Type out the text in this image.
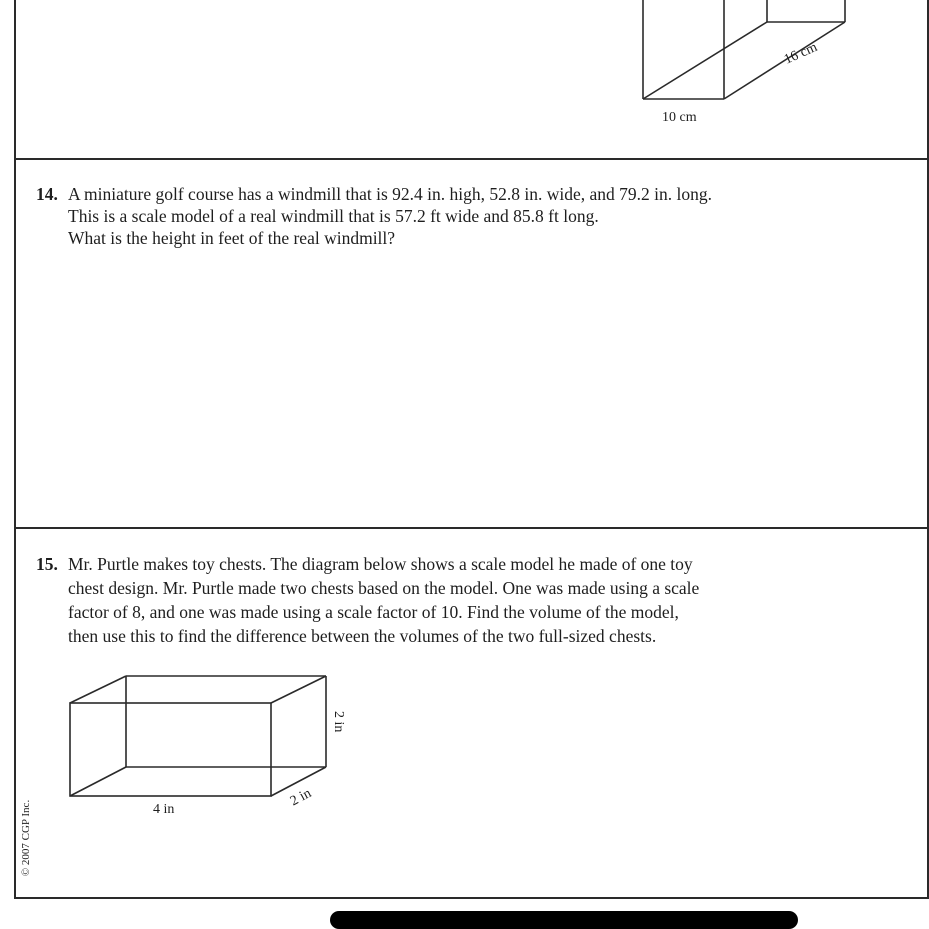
10 cm
16 cm
14. A miniature golf course has a windmill that is 92.4 in. high, 52.8 in. wide, and 79.2 in. long.
This is a scale model of a real windmill that is 57.2 ft wide and 85.8 ft long.
What is the height in feet of the real windmill?
15. Mr. Purtle makes toy chests. The diagram below shows a scale model he made of one toy
chest design. Mr. Purtle made two chests based on the model. One was made using a scale
factor of 8, and one was made using a scale factor of 10. Find the volume of the model,
then use this to find the difference between the volumes of the two full-sized chests.
4 in
2 in
2 in
© 2007 CGP Inc.
